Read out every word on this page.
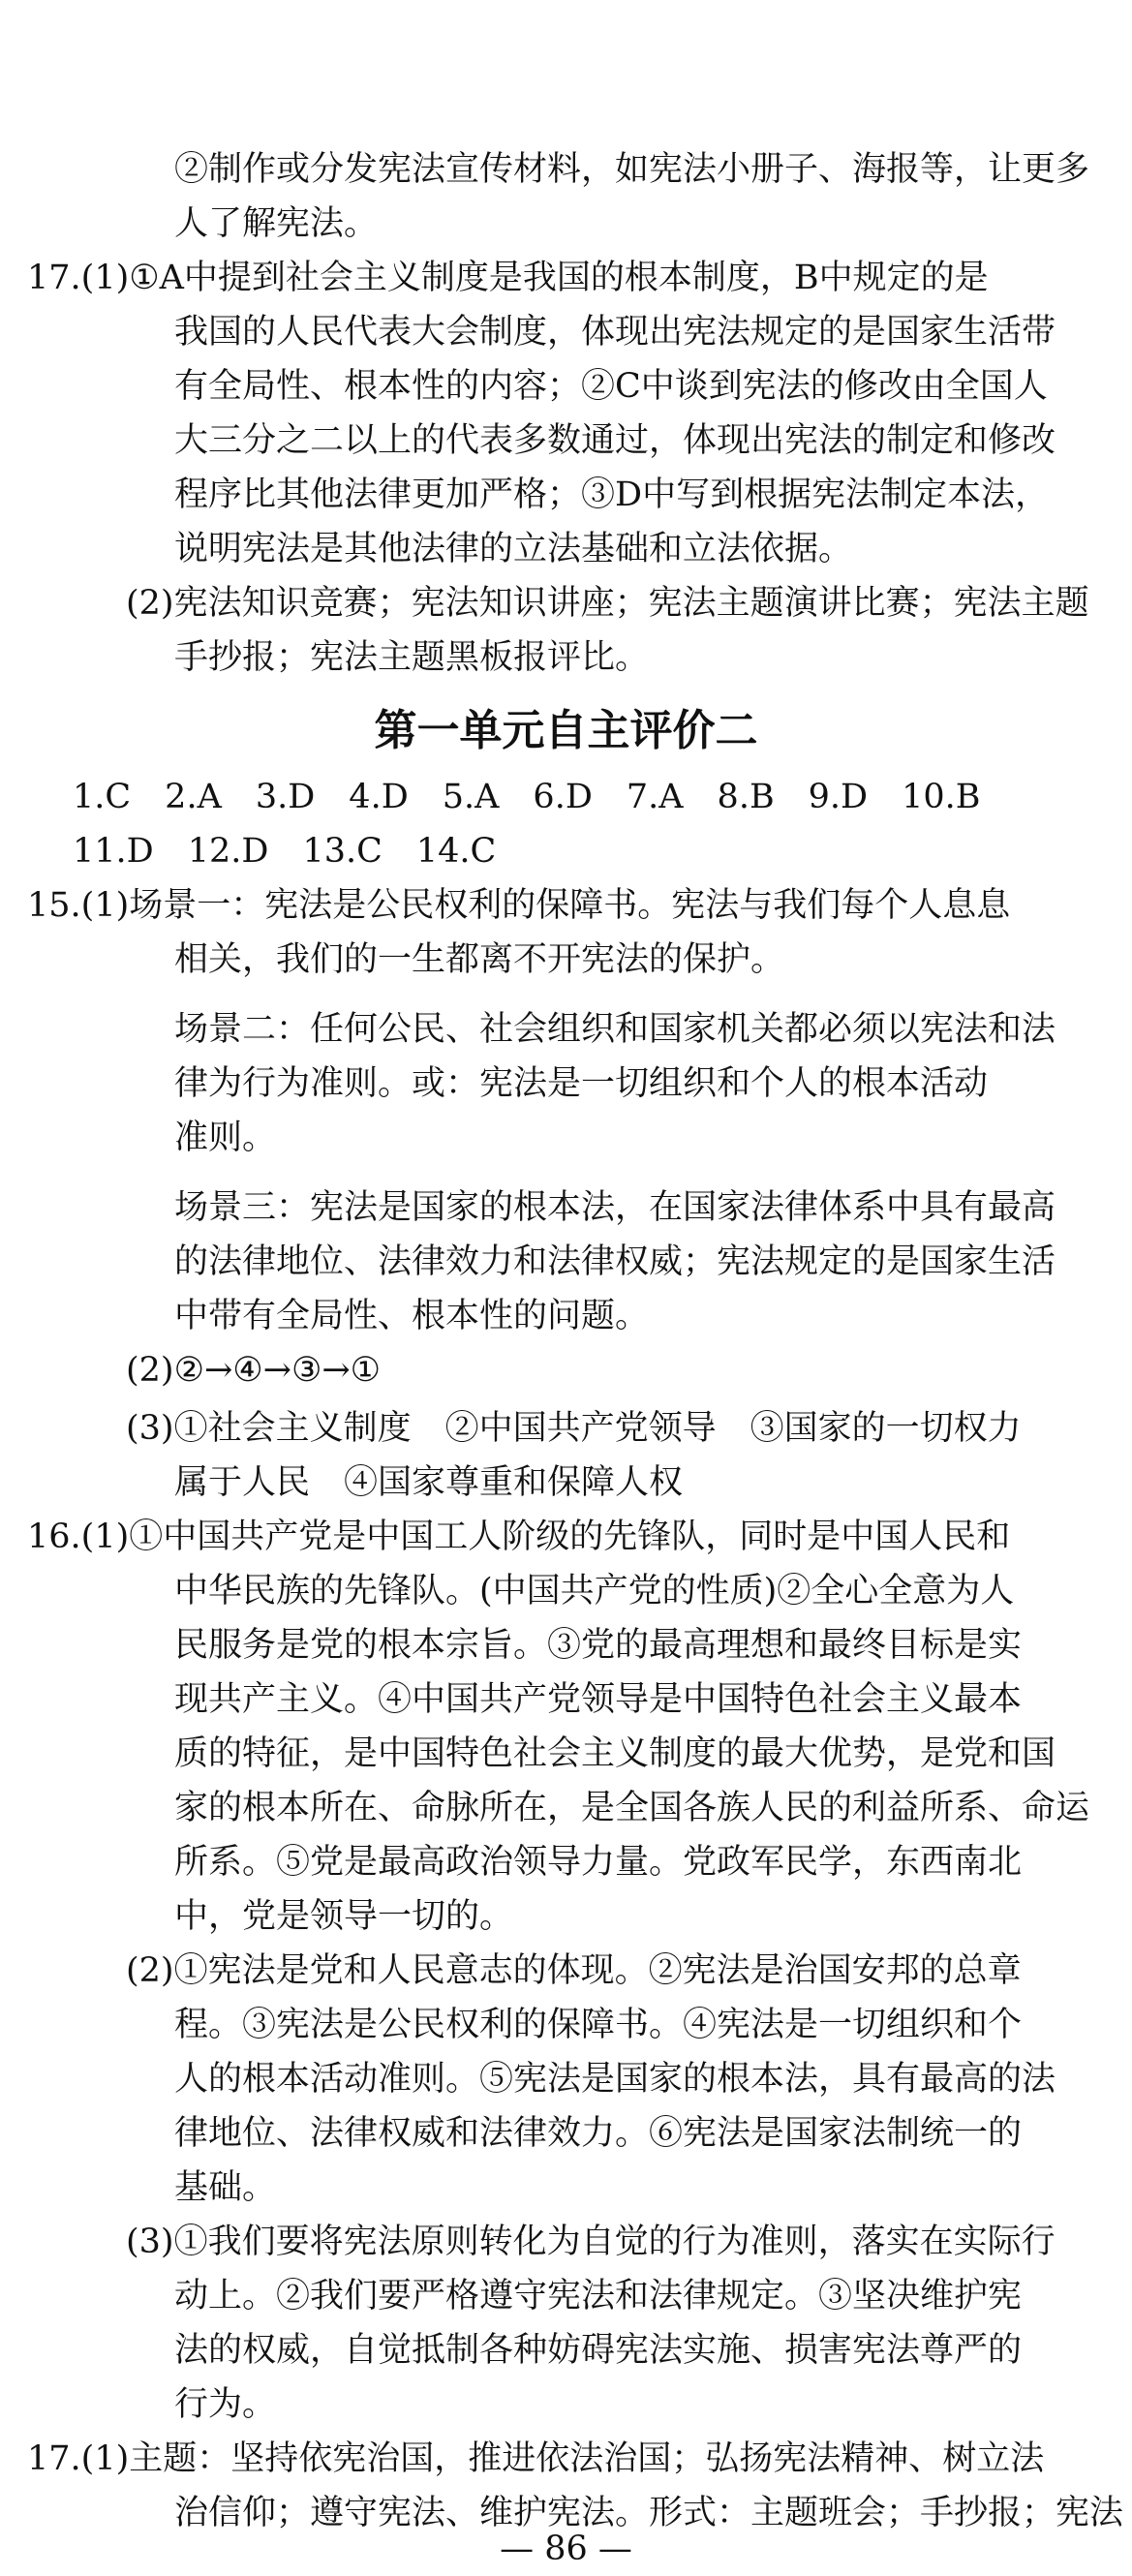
②制作或分发宪法宣传材料，如宪法小册子、海报等，让更多
人了解宪法。
17.(1)①A中提到社会主义制度是我国的根本制度，B中规定的是
我国的人民代表大会制度，体现出宪法规定的是国家生活带
有全局性、根本性的内容；②C中谈到宪法的修改由全国人
大三分之二以上的代表多数通过，体现出宪法的制定和修改
程序比其他法律更加严格；③D中写到根据宪法制定本法，
说明宪法是其他法律的立法基础和立法依据。
(2)宪法知识竞赛；宪法知识讲座；宪法主题演讲比赛；宪法主题
手抄报；宪法主题黑板报评比。
第一单元自主评价二
1.C　2.A　3.D　4.D　5.A　6.D　7.A　8.B　9.D　10.B
11.D　12.D　13.C　14.C
15.(1)场景一：宪法是公民权利的保障书。宪法与我们每个人息息
相关，我们的一生都离不开宪法的保护。
场景二：任何公民、社会组织和国家机关都必须以宪法和法
律为行为准则。或：宪法是一切组织和个人的根本活动
准则。
场景三：宪法是国家的根本法，在国家法律体系中具有最高
的法律地位、法律效力和法律权威；宪法规定的是国家生活
中带有全局性、根本性的问题。
(2)②→④→③→①
(3)①社会主义制度　②中国共产党领导　③国家的一切权力
属于人民　④国家尊重和保障人权
16.(1)①中国共产党是中国工人阶级的先锋队，同时是中国人民和
中华民族的先锋队。(中国共产党的性质)②全心全意为人
民服务是党的根本宗旨。③党的最高理想和最终目标是实
现共产主义。④中国共产党领导是中国特色社会主义最本
质的特征，是中国特色社会主义制度的最大优势，是党和国
家的根本所在、命脉所在，是全国各族人民的利益所系、命运
所系。⑤党是最高政治领导力量。党政军民学，东西南北
中，党是领导一切的。
(2)①宪法是党和人民意志的体现。②宪法是治国安邦的总章
程。③宪法是公民权利的保障书。④宪法是一切组织和个
人的根本活动准则。⑤宪法是国家的根本法，具有最高的法
律地位、法律权威和法律效力。⑥宪法是国家法制统一的
基础。
(3)①我们要将宪法原则转化为自觉的行为准则，落实在实际行
动上。②我们要严格遵守宪法和法律规定。③坚决维护宪
法的权威，自觉抵制各种妨碍宪法实施、损害宪法尊严的
行为。
17.(1)主题：坚持依宪治国，推进依法治国；弘扬宪法精神、树立法
治信仰；遵守宪法、维护宪法。形式：主题班会；手抄报；宪法
— 86 —
